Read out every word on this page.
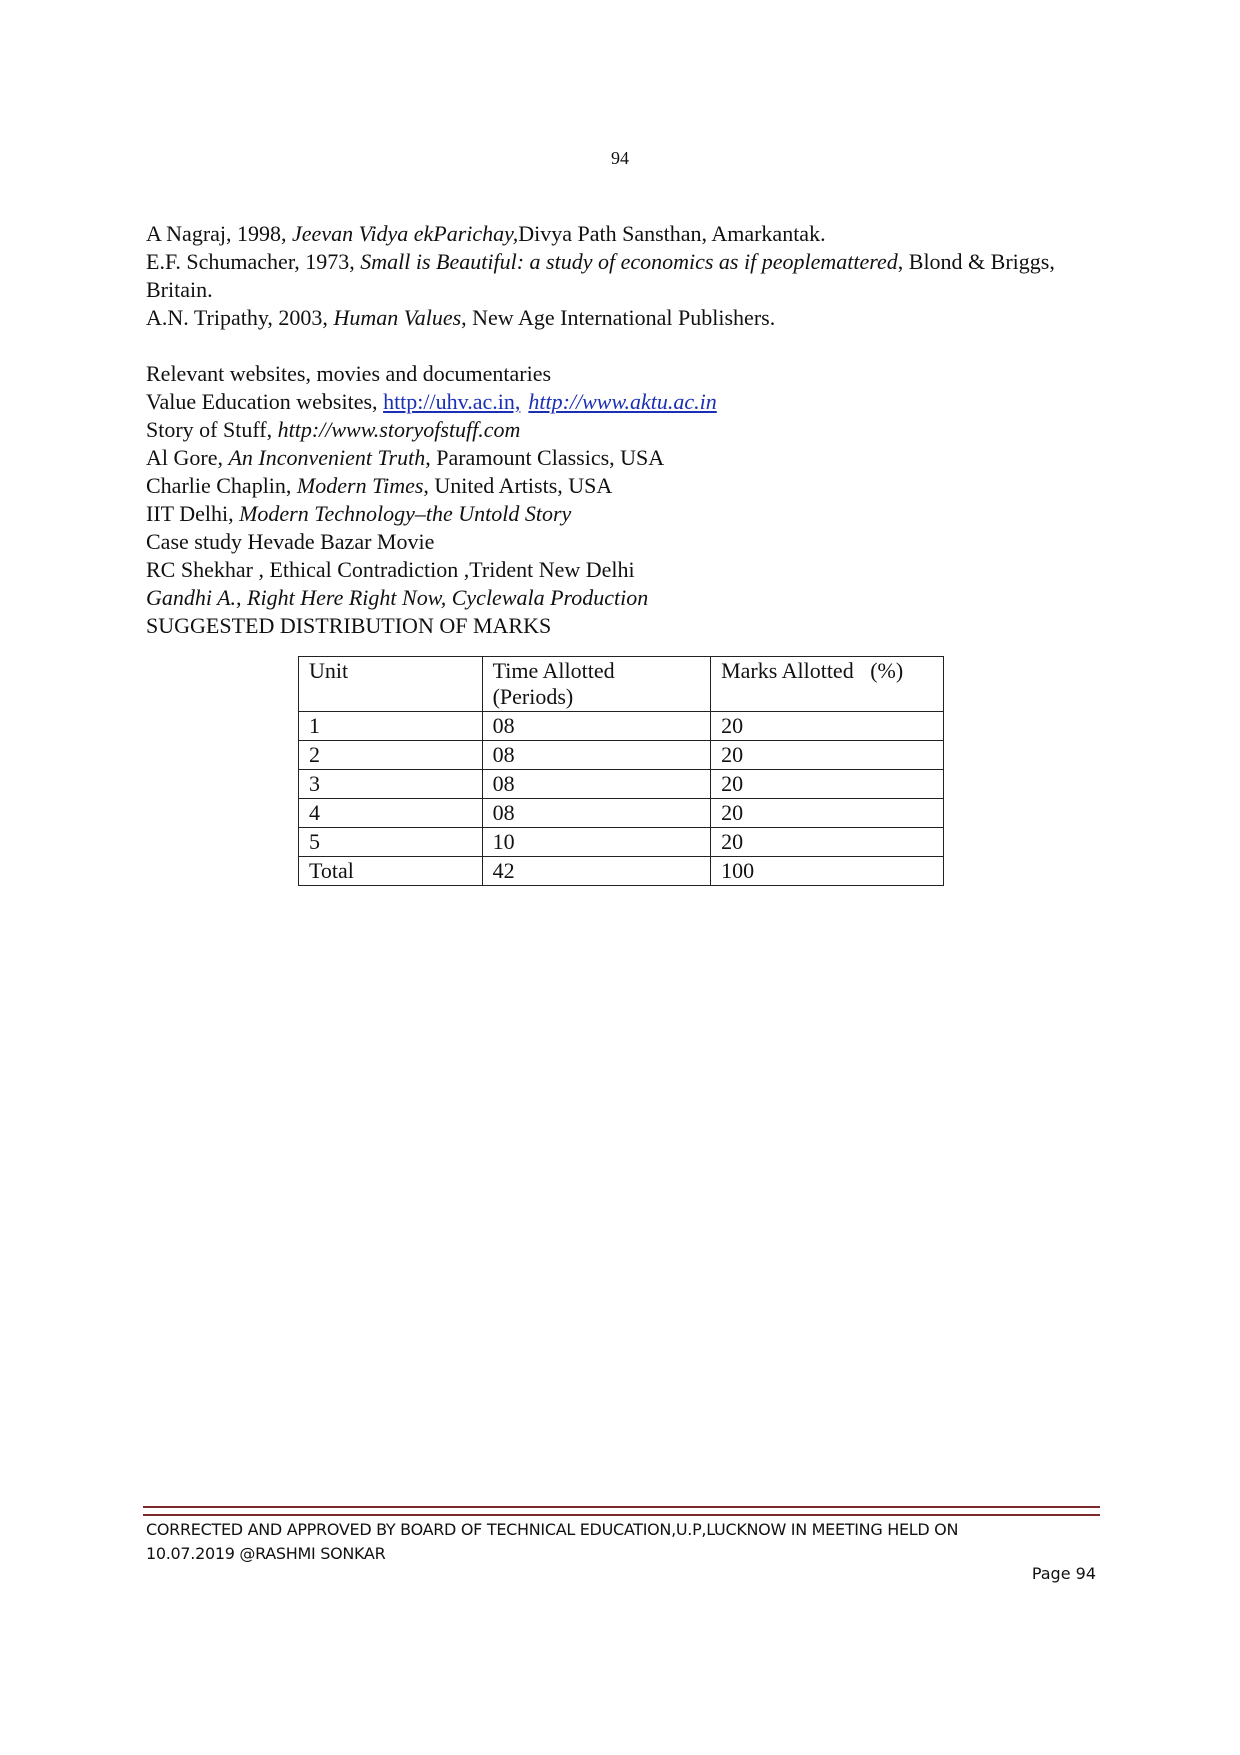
94

A Nagraj, 1998, Jeevan Vidya ekParichay,Divya Path Sansthan, Amarkantak.

E.F. Schumacher, 1973, Small is Beautiful: a study of economics as if peoplemattered, Blond & Briggs, Britain.

A.N. Tripathy, 2003, Human Values, New Age International Publishers.

Relevant websites, movies and documentaries

Value Education websites, http://uhv.ac.in, http://www.aktu.ac.in

Story of Stuff, http://www.storyofstuff.com

Al Gore, An Inconvenient Truth, Paramount Classics, USA

Charlie Chaplin, Modern Times, United Artists, USA

IIT Delhi, Modern Technology–the Untold Story

Case study Hevade Bazar Movie

RC Shekhar , Ethical Contradiction ,Trident New Delhi

Gandhi A., Right Here Right Now, Cyclewala Production

SUGGESTED DISTRIBUTION OF MARKS

Unit	Time Allotted (Periods)	Marks Allotted   (%)
1	08	20
2	08	20
3	08	20
4	08	20
5	10	20
Total	42	100
CORRECTED AND APPROVED BY BOARD OF TECHNICAL EDUCATION,U.P,LUCKNOW IN MEETING HELD ON
10.07.2019 @RASHMI SONKAR
Page 94
